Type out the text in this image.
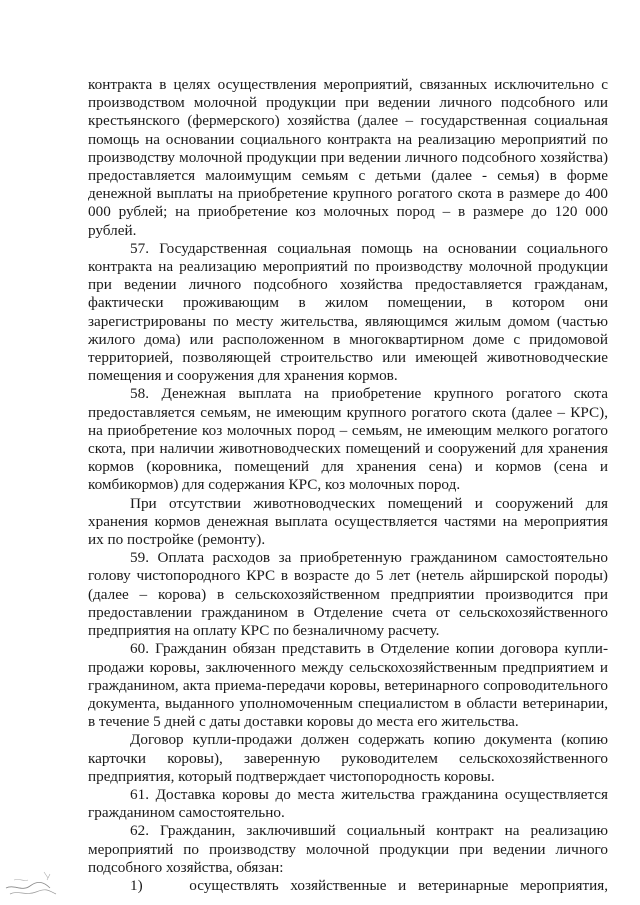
контракта в целях осуществления мероприятий, связанных исключительно с производством молочной продукции при ведении личного подсобного или крестьянского (фермерского) хозяйства (далее – государственная социальная помощь на основании социального контракта на реализацию мероприятий по производству молочной продукции при ведении личного подсобного хозяйства) предоставляется малоимущим семьям с детьми (далее - семья) в форме денежной выплаты на приобретение крупного рогатого скота в размере до 400 000 рублей; на приобретение коз молочных пород – в размере до 120 000 рублей.

57. Государственная социальная помощь на основании социального контракта на реализацию мероприятий по производству молочной продукции при ведении личного подсобного хозяйства предоставляется гражданам, фактически проживающим в жилом помещении, в котором они зарегистрированы по месту жительства, являющимся жилым домом (частью жилого дома) или расположенном в многоквартирном доме с придомовой территорией, позволяющей строительство или имеющей животноводческие помещения и сооружения для хранения кормов.

58. Денежная выплата на приобретение крупного рогатого скота предоставляется семьям, не имеющим крупного рогатого скота (далее – КРС), на приобретение коз молочных пород – семьям, не имеющим мелкого рогатого скота, при наличии животноводческих помещений и сооружений для хранения кормов (коровника, помещений для хранения сена) и кормов (сена и комбикормов) для содержания КРС, коз молочных пород.

При отсутствии животноводческих помещений и сооружений для хранения кормов денежная выплата осуществляется частями на мероприятия их по постройке (ремонту).

59. Оплата расходов за приобретенную гражданином самостоятельно голову чистопородного КРС в возрасте до 5 лет (нетель айрширской породы) (далее – корова) в сельскохозяйственном предприятии производится при предоставлении гражданином в Отделение счета от сельскохозяйственного предприятия на оплату КРС по безналичному расчету.

60. Гражданин обязан представить в Отделение копии договора купли-продажи коровы, заключенного между сельскохозяйственным предприятием и гражданином, акта приема-передачи коровы, ветеринарного сопроводительного документа, выданного уполномоченным специалистом в области ветеринарии, в течение 5 дней с даты доставки коровы до места его жительства.

Договор купли-продажи должен содержать копию документа (копию карточки коровы), заверенную руководителем сельскохозяйственного предприятия, который подтверждает чистопородность коровы.

61. Доставка коровы до места жительства гражданина осуществляется гражданином самостоятельно.

62. Гражданин, заключивший социальный контракт на реализацию мероприятий по производству молочной продукции при ведении личного подсобного хозяйства, обязан:

1)    осуществлять хозяйственные и ветеринарные мероприятия,
